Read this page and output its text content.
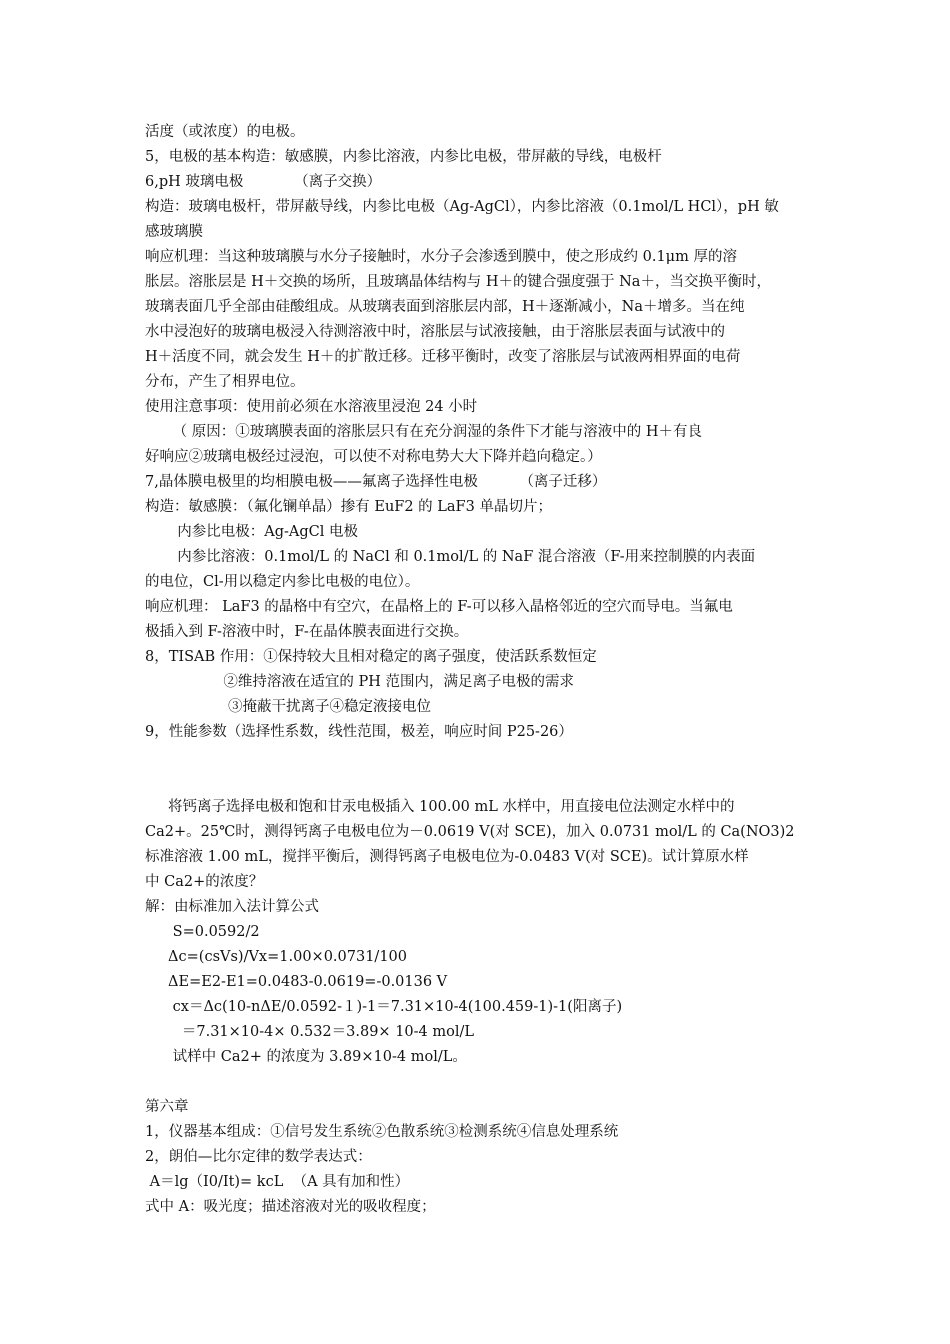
活度（或浓度）的电极。
5，电极的基本构造：敏感膜，内参比溶液，内参比电极，带屏蔽的导线，电极杆
6,pH 玻璃电极           （离子交换）
构造：玻璃电极杆，带屏蔽导线，内参比电极（Ag-AgCl），内参比溶液（0.1mol/L HCl），pH 敏
感玻璃膜
响应机理：当这种玻璃膜与水分子接触时，水分子会渗透到膜中，使之形成约 0.1μm 厚的溶
胀层。溶胀层是 H＋交换的场所，且玻璃晶体结构与 H＋的键合强度强于 Na＋，当交换平衡时，
玻璃表面几乎全部由硅酸组成。从玻璃表面到溶胀层内部，H＋逐渐减小，Na＋增多。当在纯
水中浸泡好的玻璃电极浸入待测溶液中时，溶胀层与试液接触，由于溶胀层表面与试液中的
H＋活度不同，就会发生 H＋的扩散迁移。迁移平衡时，改变了溶胀层与试液两相界面的电荷
分布，产生了相界电位。
使用注意事项：使用前必须在水溶液里浸泡 24 小时
（ 原因：①玻璃膜表面的溶胀层只有在充分润湿的条件下才能与溶液中的 H＋有良
好响应②玻璃电极经过浸泡，可以使不对称电势大大下降并趋向稳定。）
7,晶体膜电极里的均相膜电极——氟离子选择性电极         （离子迁移）
构造：敏感膜：（氟化镧单晶）掺有 EuF2 的 LaF3 单晶切片；
内参比电极：Ag-AgCl 电极
内参比溶液：0.1mol/L 的 NaCl 和 0.1mol/L 的 NaF 混合溶液（F-用来控制膜的内表面
的电位，Cl-用以稳定内参比电极的电位）。
响应机理： LaF3 的晶格中有空穴，在晶格上的 F-可以移入晶格邻近的空穴而导电。当氟电
极插入到 F-溶液中时，F-在晶体膜表面进行交换。
8，TISAB 作用：①保持较大且相对稳定的离子强度，使活跃系数恒定
②维持溶液在适宜的 PH 范围内，满足离子电极的需求
③掩蔽干扰离子④稳定液接电位
9，性能参数（选择性系数，线性范围，极差，响应时间 P25-26）
将钙离子选择电极和饱和甘汞电极插入 100.00 mL 水样中，用直接电位法测定水样中的
Ca2+。25℃时，测得钙离子电极电位为－0.0619 V(对 SCE)，加入 0.0731 mol/L 的 Ca(NO3)2
标准溶液 1.00 mL，搅拌平衡后，测得钙离子电极电位为-0.0483 V(对 SCE)。试计算原水样
中 Ca2+的浓度？
解：由标准加入法计算公式
S=0.0592/2
Δc=(csVs)/Vx=1.00×0.0731/100
ΔE=E2-E1=0.0483-0.0619=-0.0136 V
cx＝Δc(10-nΔE/0.0592-１)-1＝7.31×10-4(100.459-1)-1(阳离子)
＝7.31×10-4× 0.532＝3.89× 10-4 mol/L
试样中 Ca2+ 的浓度为 3.89×10-4 mol/L。
第六章
1，仪器基本组成：①信号发生系统②色散系统③检测系统④信息处理系统
2，朗伯—比尔定律的数学表达式：
A＝lg（I0/It)= kcL  （A 具有加和性）
式中 A：吸光度；描述溶液对光的吸收程度；
